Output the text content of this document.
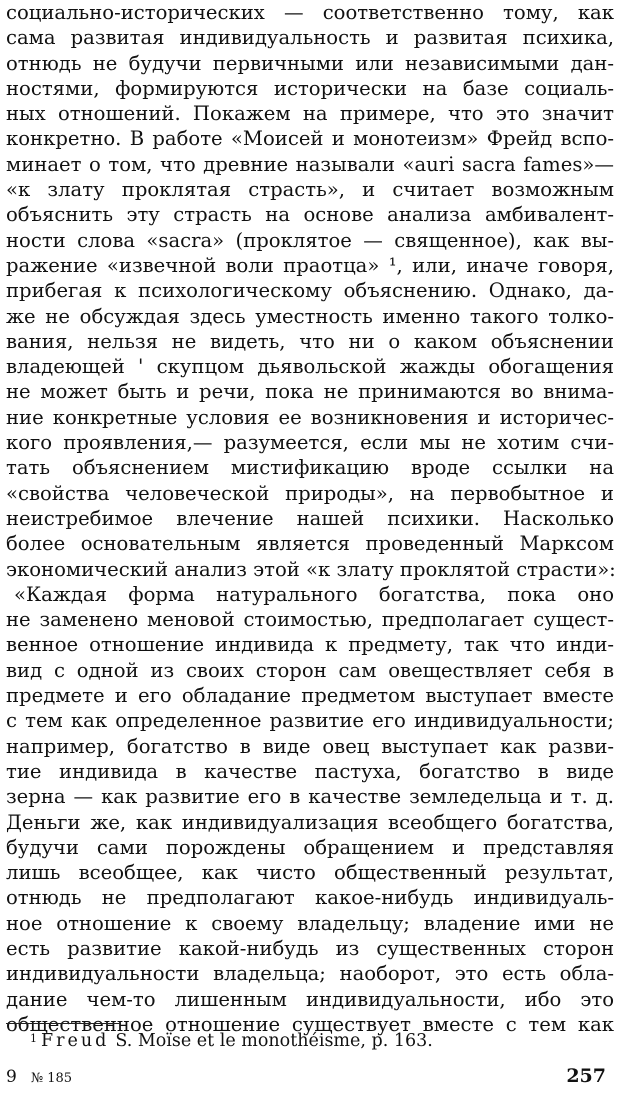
социально-исторических — соответственно тому, как
сама развитая индивидуальность и развитая психика,
отнюдь не будучи первичными или независимыми дан-
ностями, формируются исторически на базе социаль-
ных отношений. Покажем на примере, что это значит
конкретно. В работе «Моисей и монотеизм» Фрейд вспо-
минает о том, что древние называли «auri sacra fames»—
«к злату проклятая страсть», и считает возможным
объяснить эту страсть на основе анализа амбивалент-
ности слова «sacra» (проклятое — священное), как вы-
ражение «извечной воли праотца» ¹, или, иначе говоря,
прибегая к психологическому объяснению. Однако, да-
же не обсуждая здесь уместность именно такого толко-
вания, нельзя не видеть, что ни о каком объяснении
владеющей ' скупцом дьявольской жажды обогащения
не может быть и речи, пока не принимаются во внима-
ние конкретные условия ее возникновения и историчес-
кого проявления,— разумеется, если мы не хотим счи-
тать объяснением мистификацию вроде ссылки на
«свойства человеческой природы», на первобытное и
неистребимое влечение нашей психики. Насколько
более основательным является проведенный Марксом
экономический анализ этой «к злату проклятой страсти»:
«Каждая форма натурального богатства, пока оно
не заменено меновой стоимостью, предполагает сущест-
венное отношение индивида к предмету, так что инди-
вид с одной из своих сторон сам овеществляет себя в
предмете и его обладание предметом выступает вместе
с тем как определенное развитие его индивидуальности;
например, богатство в виде овец выступает как разви-
тие индивида в качестве пастуха, богатство в виде
зерна — как развитие его в качестве земледельца и т. д.
Деньги же, как индивидуализация всеобщего богатства,
будучи сами порождены обращением и представляя
лишь всеобщее, как чисто общественный результат,
отнюдь не предполагают какое-нибудь индивидуаль-
ное отношение к своему владельцу; владение ими не
есть развитие какой-нибудь из существенных сторон
индивидуальности владельца; наоборот, это есть обла-
дание чем-то лишенным индивидуальности, ибо это
общественное отношение существует вместе с тем как
$^1$ Freud S. Moïse et le monothéisme, p. 163.
9 № 185	257
